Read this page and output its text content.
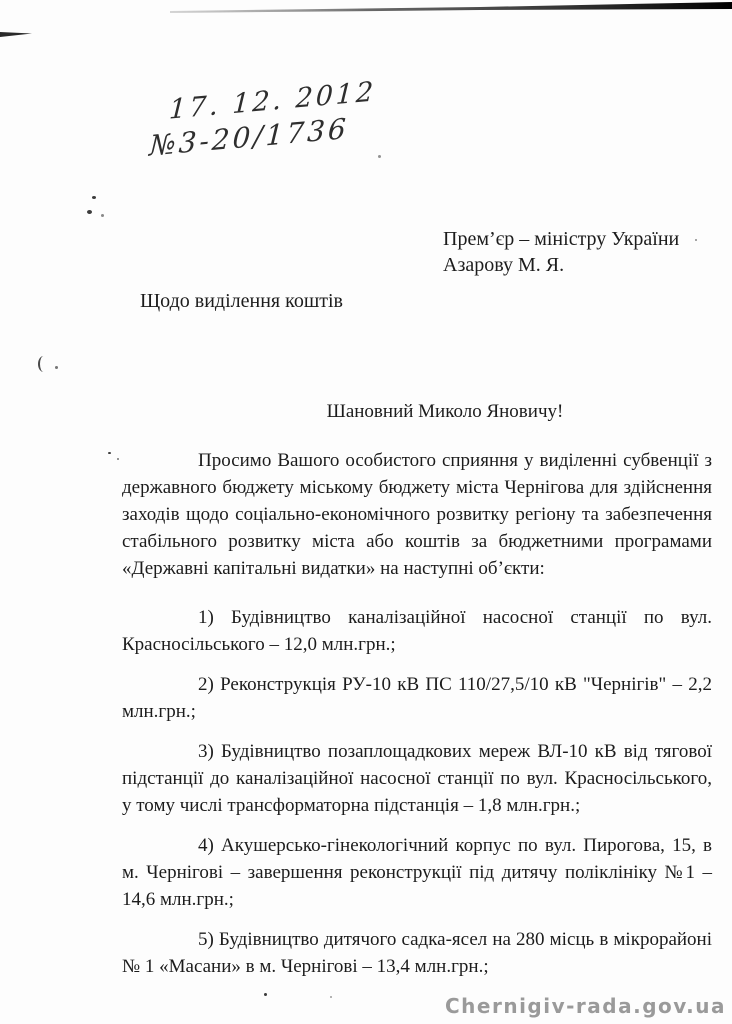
17. 12. 2012
№3-20/1736
Прем’єр – міністру України
Азарову М. Я.
Щодо виділення коштів
Шановний Миколо Яновичу!

Просимо Вашого особистого сприяння у виділенні субвенції з державного бюджету міському бюджету міста Чернігова для здійснення заходів щодо соціально-економічного розвитку регіону та забезпечення стабільного розвитку міста або коштів за бюджетними програмами «Державні капітальні видатки» на наступні об’єкти:

1) Будівництво каналізаційної насосної станції по вул. Красносільського – 12,0 млн.грн.;

2) Реконструкція РУ-10 кВ ПС 110/27,5/10 кВ "Чернігів" – 2,2 млн.грн.;

3) Будівництво позаплощадкових мереж ВЛ-10 кВ від тягової підстанції до каналізаційної насосної станції по вул. Красносільського, у тому числі трансформаторна підстанція – 1,8 млн.грн.;

4) Акушерсько-гінекологічний корпус по вул. Пирогова, 15, в м. Чернігові – завершення реконструкції під дитячу поліклініку №1 – 14,6 млн.грн.;

5) Будівництво дитячого садка-ясел на 280 місць в мікрорайоні № 1 «Масани» в м. Чернігові – 13,4 млн.грн.;

Chernigiv-rada.gov.ua
